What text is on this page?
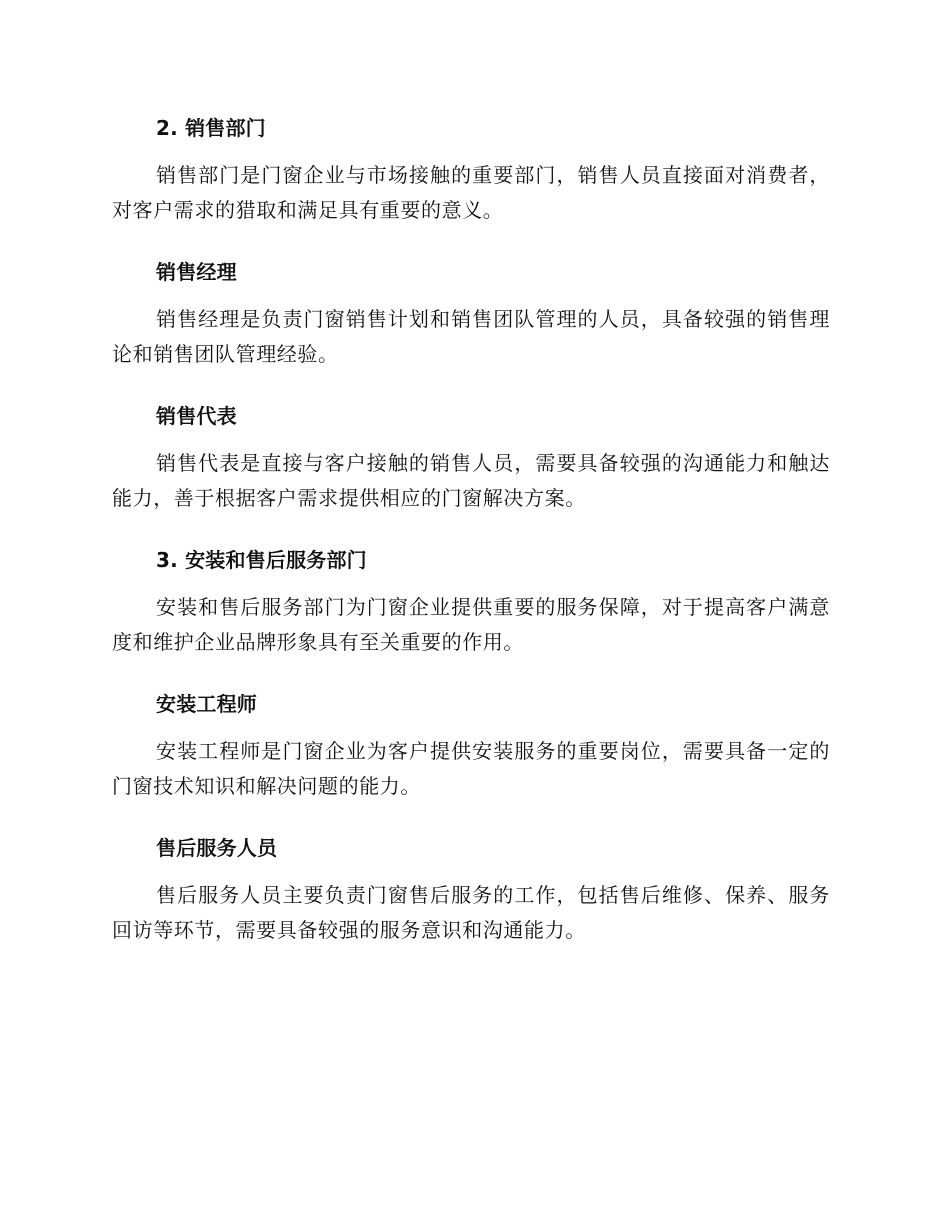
2. 销售部门

销售部门是门窗企业与市场接触的重要部门，销售人员直接面对消费者，对客户需求的猎取和满足具有重要的意义。

销售经理

销售经理是负责门窗销售计划和销售团队管理的人员，具备较强的销售理论和销售团队管理经验。

销售代表

销售代表是直接与客户接触的销售人员，需要具备较强的沟通能力和触达能力，善于根据客户需求提供相应的门窗解决方案。

3. 安装和售后服务部门

安装和售后服务部门为门窗企业提供重要的服务保障，对于提高客户满意度和维护企业品牌形象具有至关重要的作用。

安装工程师

安装工程师是门窗企业为客户提供安装服务的重要岗位，需要具备一定的门窗技术知识和解决问题的能力。

售后服务人员

售后服务人员主要负责门窗售后服务的工作，包括售后维修、保养、服务回访等环节，需要具备较强的服务意识和沟通能力。
